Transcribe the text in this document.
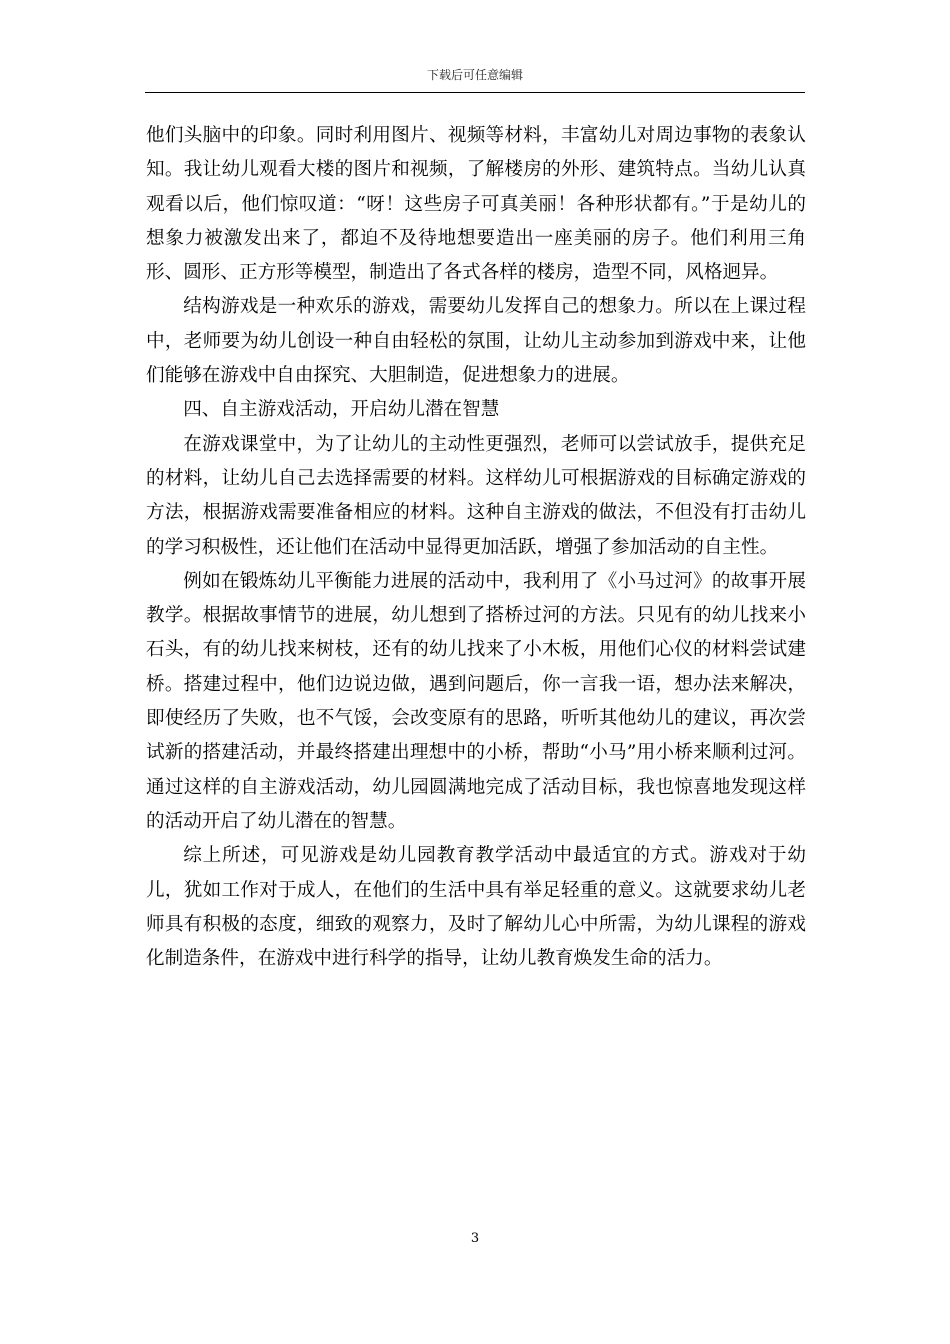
下载后可任意编辑

他们头脑中的印象。同时利用图片、视频等材料，丰富幼儿对周边事物的表象认知。我让幼儿观看大楼的图片和视频，了解楼房的外形、建筑特点。当幼儿认真观看以后，他们惊叹道：“呀！这些房子可真美丽！各种形状都有。”于是幼儿的想象力被激发出来了，都迫不及待地想要造出一座美丽的房子。他们利用三角形、圆形、正方形等模型，制造出了各式各样的楼房，造型不同，风格迥异。

结构游戏是一种欢乐的游戏，需要幼儿发挥自己的想象力。所以在上课过程中，老师要为幼儿创设一种自由轻松的氛围，让幼儿主动参加到游戏中来，让他们能够在游戏中自由探究、大胆制造，促进想象力的进展。

四、自主游戏活动，开启幼儿潜在智慧

在游戏课堂中，为了让幼儿的主动性更强烈，老师可以尝试放手，提供充足的材料，让幼儿自己去选择需要的材料。这样幼儿可根据游戏的目标确定游戏的方法，根据游戏需要准备相应的材料。这种自主游戏的做法，不但没有打击幼儿的学习积极性，还让他们在活动中显得更加活跃，增强了参加活动的自主性。

例如在锻炼幼儿平衡能力进展的活动中，我利用了《小马过河》的故事开展教学。根据故事情节的进展，幼儿想到了搭桥过河的方法。只见有的幼儿找来小石头，有的幼儿找来树枝，还有的幼儿找来了小木板，用他们心仪的材料尝试建桥。搭建过程中，他们边说边做，遇到问题后，你一言我一语，想办法来解决，即使经历了失败，也不气馁，会改变原有的思路，听听其他幼儿的建议，再次尝试新的搭建活动，并最终搭建出理想中的小桥，帮助“小马”用小桥来顺利过河。通过这样的自主游戏活动，幼儿园圆满地完成了活动目标，我也惊喜地发现这样的活动开启了幼儿潜在的智慧。

综上所述，可见游戏是幼儿园教育教学活动中最适宜的方式。游戏对于幼儿，犹如工作对于成人，在他们的生活中具有举足轻重的意义。这就要求幼儿老师具有积极的态度，细致的观察力，及时了解幼儿心中所需，为幼儿课程的游戏化制造条件，在游戏中进行科学的指导，让幼儿教育焕发生命的活力。

3
